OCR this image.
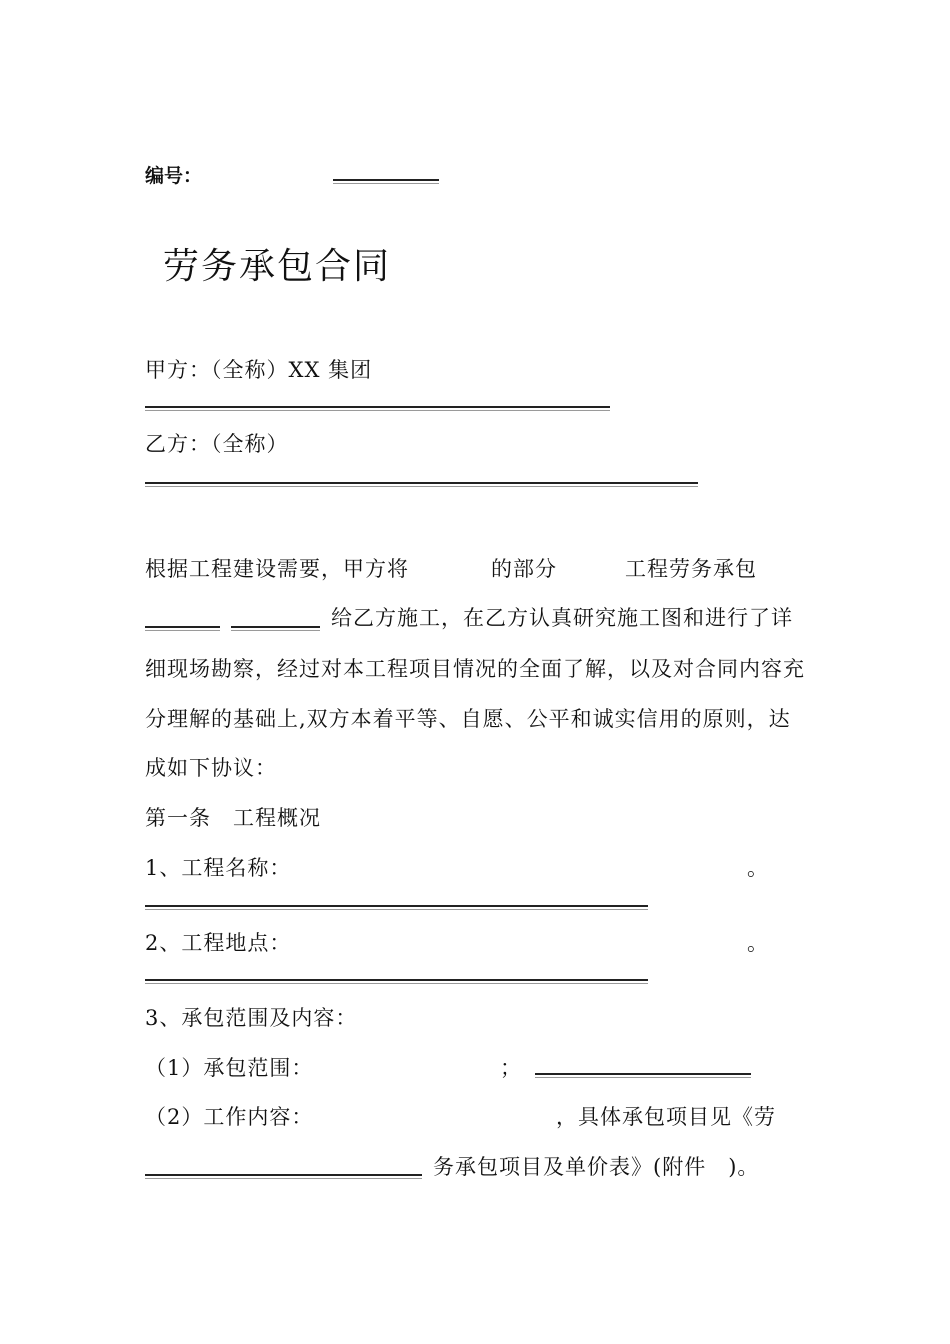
编号：
劳务承包合同
甲方：（全称）XX 集团
乙方：（全称）
根据工程建设需要，甲方将	的部分	工程劳务承包
给乙方施工，在乙方认真研究施工图和进行了详
细现场勘察，经过对本工程项目情况的全面了解，以及对合同内容充
分理解的基础上,双方本着平等、自愿、公平和诚实信用的原则，达
成如下协议：
第一条　工程概况
1、工程名称：	。
2、工程地点：	。
3、承包范围及内容：
（1）承包范围：	；
（2）工作内容：	，具体承包项目见《劳
务承包项目及单价表》(附件　)。
